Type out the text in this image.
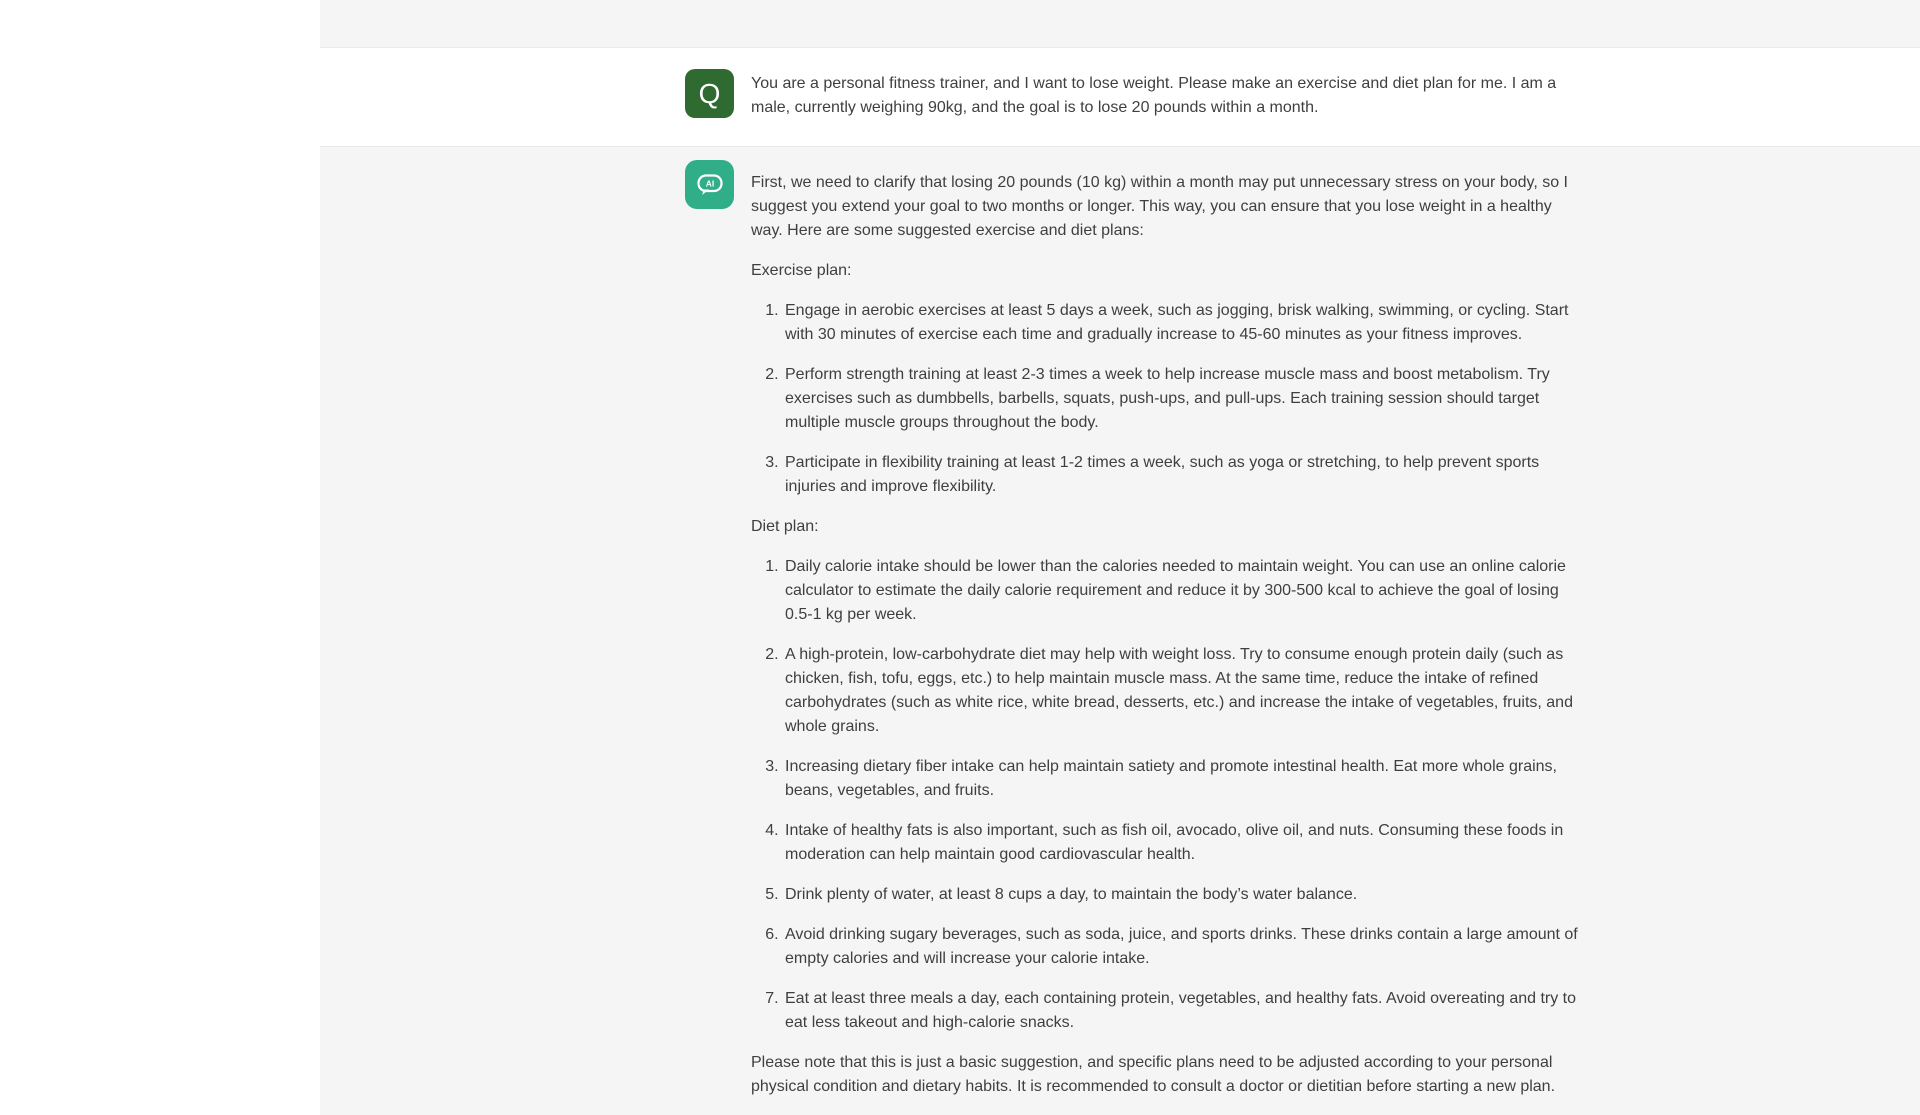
Q You are a personal fitness trainer, and I want to lose weight. Please make an exercise and diet plan for me. I am a male, currently weighing 90kg, and the goal is to lose 20 pounds within a month.
AI First, we need to clarify that losing 20 pounds (10 kg) within a month may put unnecessary stress on your body, so I suggest you extend your goal to two months or longer. This way, you can ensure that you lose weight in a healthy way. Here are some suggested exercise and diet plans:

Exercise plan:

1. Engage in aerobic exercises at least 5 days a week, such as jogging, brisk walking, swimming, or cycling. Start with 30 minutes of exercise each time and gradually increase to 45-60 minutes as your fitness improves.
2. Perform strength training at least 2-3 times a week to help increase muscle mass and boost metabolism. Try exercises such as dumbbells, barbells, squats, push-ups, and pull-ups. Each training session should target multiple muscle groups throughout the body.
3. Participate in flexibility training at least 1-2 times a week, such as yoga or stretching, to help prevent sports injuries and improve flexibility.

Diet plan:

1. Daily calorie intake should be lower than the calories needed to maintain weight. You can use an online calorie calculator to estimate the daily calorie requirement and reduce it by 300-500 kcal to achieve the goal of losing 0.5-1 kg per week.
2. A high-protein, low-carbohydrate diet may help with weight loss. Try to consume enough protein daily (such as chicken, fish, tofu, eggs, etc.) to help maintain muscle mass. At the same time, reduce the intake of refined carbohydrates (such as white rice, white bread, desserts, etc.) and increase the intake of vegetables, fruits, and whole grains.
3. Increasing dietary fiber intake can help maintain satiety and promote intestinal health. Eat more whole grains, beans, vegetables, and fruits.
4. Intake of healthy fats is also important, such as fish oil, avocado, olive oil, and nuts. Consuming these foods in moderation can help maintain good cardiovascular health.
5. Drink plenty of water, at least 8 cups a day, to maintain the body’s water balance.
6. Avoid drinking sugary beverages, such as soda, juice, and sports drinks. These drinks contain a large amount of empty calories and will increase your calorie intake.
7. Eat at least three meals a day, each containing protein, vegetables, and healthy fats. Avoid overeating and try to eat less takeout and high-calorie snacks.

Please note that this is just a basic suggestion, and specific plans need to be adjusted according to your personal physical condition and dietary habits. It is recommended to consult a doctor or dietitian before starting a new plan.
